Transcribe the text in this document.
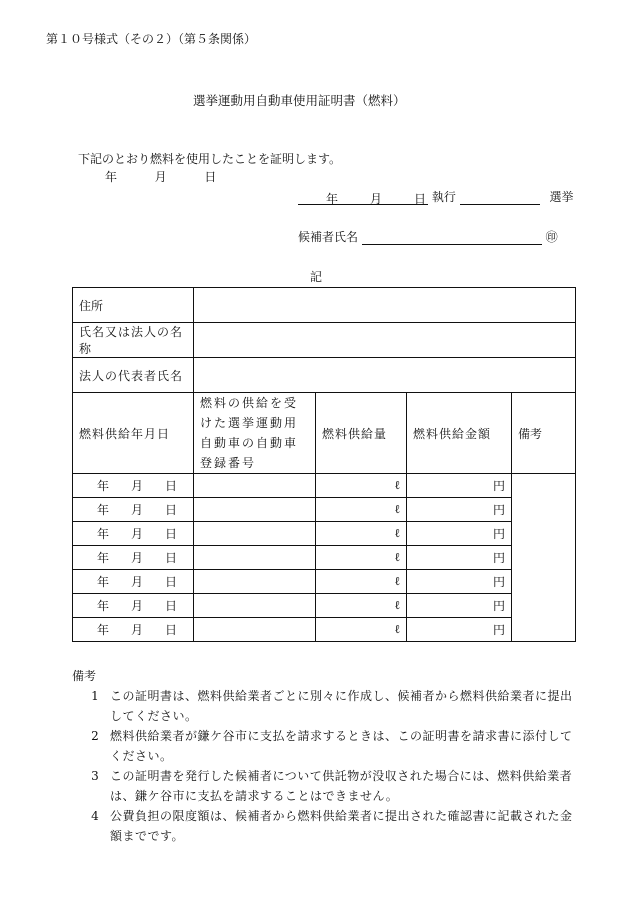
第１０号様式（その２）（第５条関係）
選挙運動用自動車使用証明書（燃料）
下記のとおり燃料を使用したことを証明します。
年	月	日
年	月	日 執行	選挙
候補者氏名	㊞
記
住所				
氏名又は法人の名称				
法人の代表者氏名				
燃料供給年月日	燃料の供給を受けた選挙運動用自動車の自動車登録番号	燃料供給量	燃料供給金額	備考

年 月 日		ℓ	円	

年 月 日		ℓ	円	

年 月 日		ℓ	円	

年 月 日		ℓ	円	

年 月 日		ℓ	円	

年 月 日		ℓ	円	

年 月 日		ℓ	円	
備考
1 この証明書は、燃料供給業者ごとに別々に作成し、候補者から燃料供給業者に提出してください。
2 燃料供給業者が鎌ケ谷市に支払を請求するときは、この証明書を請求書に添付してください。
3 この証明書を発行した候補者について供託物が没収された場合には、燃料供給業者は、鎌ケ谷市に支払を請求することはできません。
4 公費負担の限度額は、候補者から燃料供給業者に提出された確認書に記載された金額までです。
